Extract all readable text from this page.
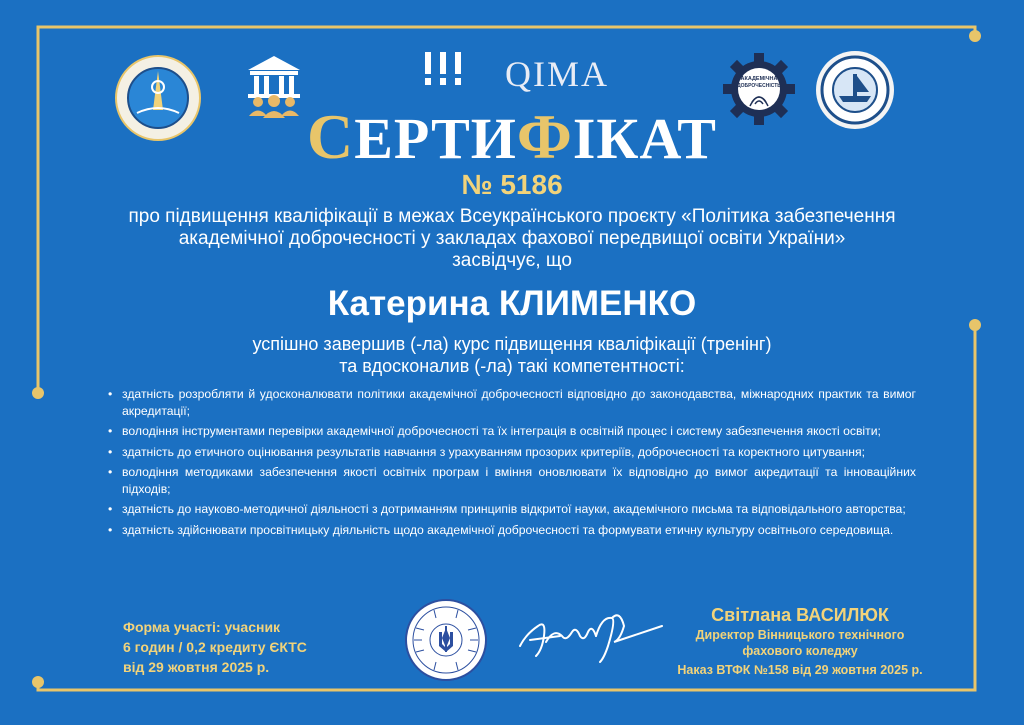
QIMA	АКАДЕМІЧНА
ДОБРОЧЕСНІСТЬ
СЕРТИФІКАТ
№ 5186
про підвищення кваліфікації в межах Всеукраїнського проєкту «Політика забезпечення
академічної доброчесності у закладах фахової передвищої освіти України»
засвідчує, що
Катерина КЛИМЕНКО
успішно завершив (-ла) курс підвищення кваліфікації (тренінг)
та вдосконалив (-ла) такі компетентності:
• здатність розробляти й удосконалювати політики академічної доброчесності відповідно до законодавства, міжнародних практик та вимог акредитації;
• володіння інструментами перевірки академічної доброчесності та їх інтеграція в освітній процес і систему забезпечення якості освіти;
• здатність до етичного оцінювання результатів навчання з урахуванням прозорих критеріїв, доброчесності та коректного цитування;
• володіння методиками забезпечення якості освітніх програм і вміння оновлювати їх відповідно до вимог акредитації та інноваційних підходів;
• здатність до науково-методичної діяльності з дотриманням принципів відкритої науки, академічного письма та відповідального авторства;
• здатність здійснювати просвітницьку діяльність щодо академічної доброчесності та формувати етичну культуру освітнього середовища.
Форма участі: учасник
6 годин / 0,2 кредиту ЄКТС
від 29 жовтня 2025 р.
Світлана ВАСИЛЮК
Директор Вінницького технічного
фахового коледжу
Наказ ВТФК №158 від 29 жовтня 2025 р.
